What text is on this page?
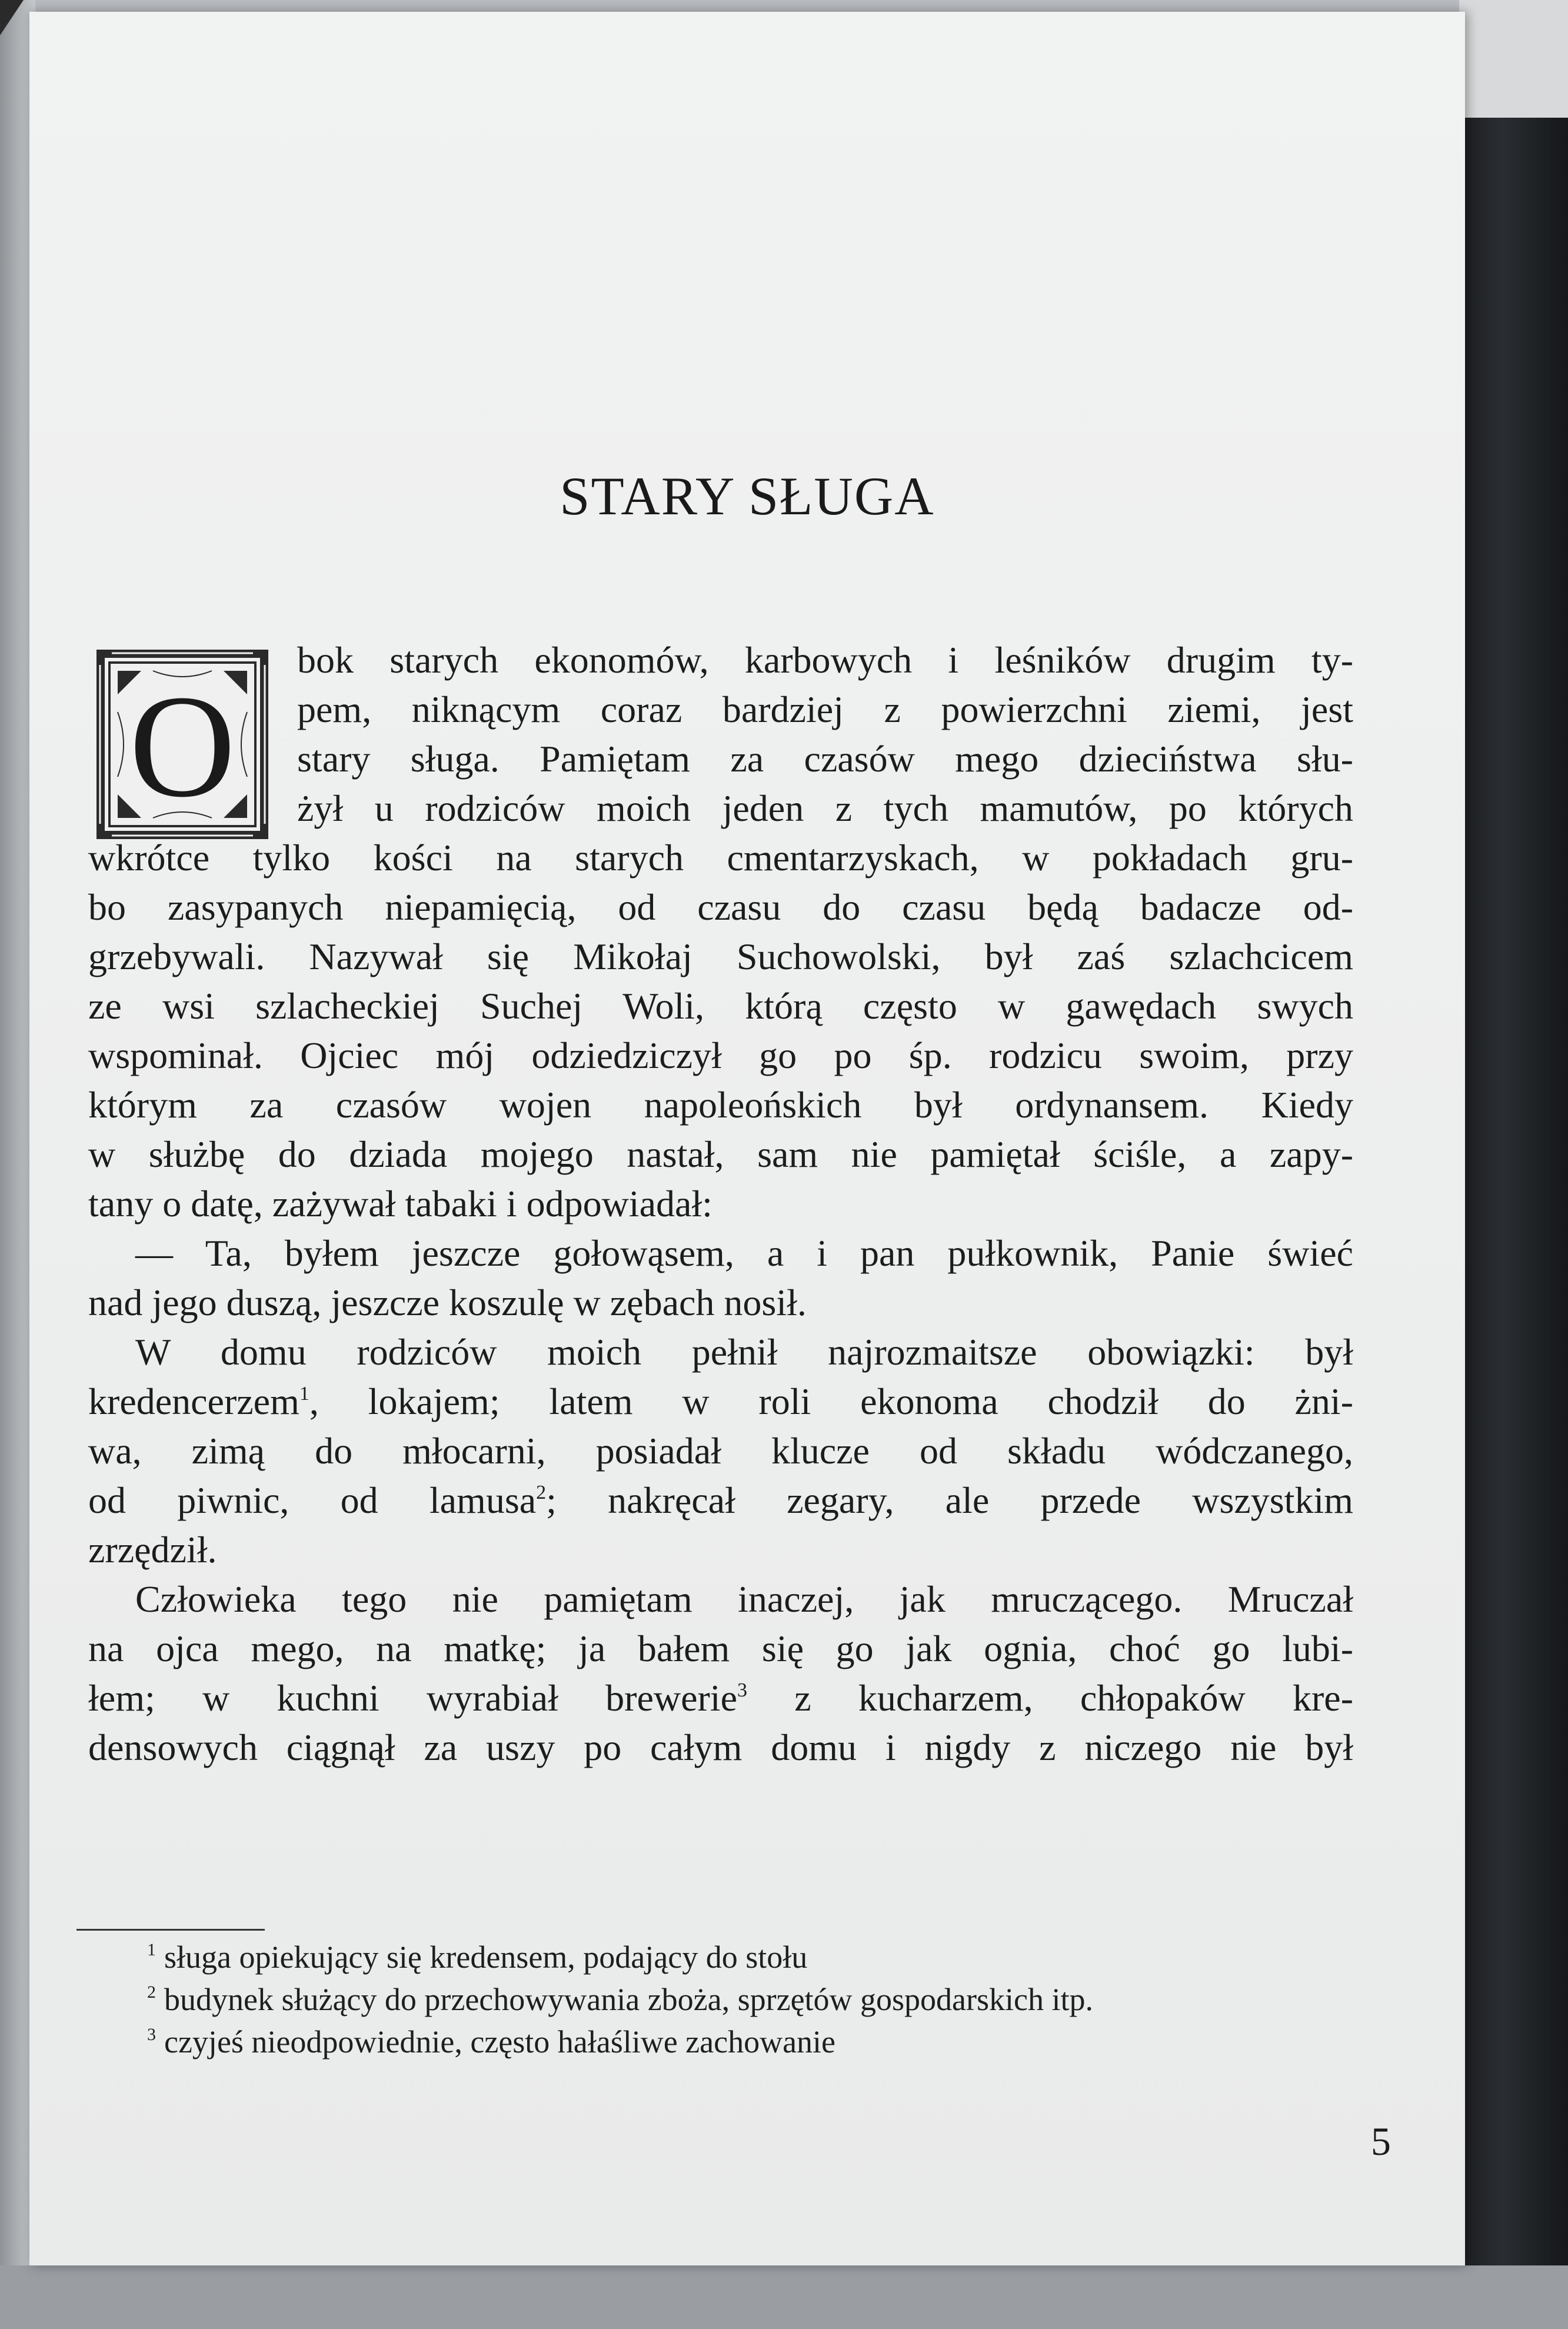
STARY SŁUGA
O
bok starych ekonomów, karbowych i leśników drugim ty-
pem, niknącym coraz bardziej z powierzchni ziemi, jest
stary sługa. Pamiętam za czasów mego dzieciństwa słu-
żył u rodziców moich jeden z tych mamutów, po których
wkrótce tylko kości na starych cmentarzyskach, w pokładach gru-
bo zasypanych niepamięcią, od czasu do czasu będą badacze od-
grzebywali. Nazywał się Mikołaj Suchowolski, był zaś szlachcicem
ze wsi szlacheckiej Suchej Woli, którą często w gawędach swych
wspominał. Ojciec mój odziedziczył go po śp. rodzicu swoim, przy
którym za czasów wojen napoleońskich był ordynansem. Kiedy
w służbę do dziada mojego nastał, sam nie pamiętał ściśle, a zapy-
tany o datę, zażywał tabaki i odpowiadał:
— Ta, byłem jeszcze gołowąsem, a i pan pułkownik, Panie świeć
nad jego duszą, jeszcze koszulę w zębach nosił.
W domu rodziców moich pełnił najrozmaitsze obowiązki: był
kredencerzem$^1$, lokajem; latem w roli ekonoma chodził do żni-
wa, zimą do młocarni, posiadał klucze od składu wódczanego,
od piwnic, od lamusa$^2$; nakręcał zegary, ale przede wszystkim
zrzędził.
Człowieka tego nie pamiętam inaczej, jak mruczącego. Mruczał
na ojca mego, na matkę; ja bałem się go jak ognia, choć go lubi-
łem; w kuchni wyrabiał brewerie$^3$ z kucharzem, chłopaków kre-
densowych ciągnął za uszy po całym domu i nigdy z niczego nie był
$^1$ sługa opiekujący się kredensem, podający do stołu
$^2$ budynek służący do przechowywania zboża, sprzętów gospodarskich itp.
$^3$ czyjeś nieodpowiednie, często hałaśliwe zachowanie
5
